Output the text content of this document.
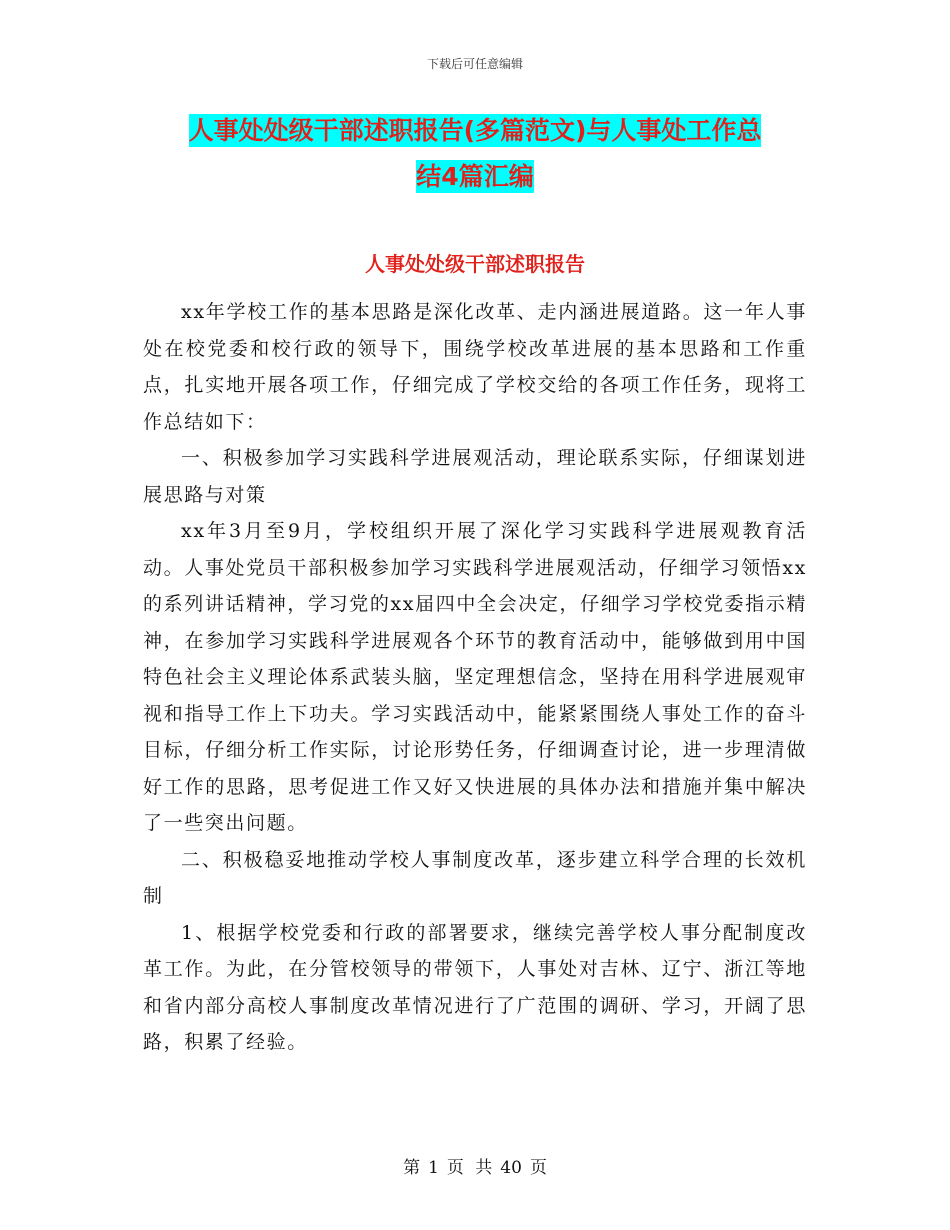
下载后可任意编辑
人事处处级干部述职报告(多篇范文)与人事处工作总
结4篇汇编
人事处处级干部述职报告

xx年学校工作的基本思路是深化改革、走内涵进展道路。这一年人事处在校党委和校行政的领导下，围绕学校改革进展的基本思路和工作重点，扎实地开展各项工作，仔细完成了学校交给的各项工作任务，现将工作总结如下：

一、积极参加学习实践科学进展观活动，理论联系实际，仔细谋划进展思路与对策

xx年3月至9月，学校组织开展了深化学习实践科学进展观教育活动。人事处党员干部积极参加学习实践科学进展观活动，仔细学习领悟xx的系列讲话精神，学习党的xx届四中全会决定，仔细学习学校党委指示精神，在参加学习实践科学进展观各个环节的教育活动中，能够做到用中国特色社会主义理论体系武装头脑，坚定理想信念，坚持在用科学进展观审视和指导工作上下功夫。学习实践活动中，能紧紧围绕人事处工作的奋斗目标，仔细分析工作实际，讨论形势任务，仔细调查讨论，进一步理清做好工作的思路，思考促进工作又好又快进展的具体办法和措施并集中解决了一些突出问题。

二、积极稳妥地推动学校人事制度改革，逐步建立科学合理的长效机制

1、根据学校党委和行政的部署要求，继续完善学校人事分配制度改革工作。为此，在分管校领导的带领下，人事处对吉林、辽宁、浙江等地和省内部分高校人事制度改革情况进行了广范围的调研、学习，开阔了思路，积累了经验。

第 1 页 共 40 页
